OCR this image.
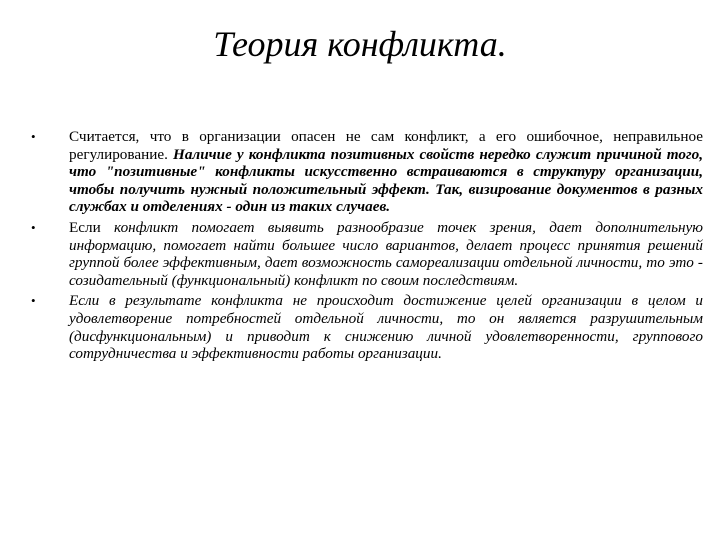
Теория конфликта.
•	Считается, что в организации опасен не сам конфликт, а его ошибочное, неправильное регулирование. Наличие у конфликта позитивных свойств нередко служит причиной того, что "позитивные" конфликты искусственно встраиваются в структуру организации, чтобы получить нужный положительный эффект. Так, визирование документов в разных службах и отделениях - один из таких случаев.
•	Если конфликт помогает выявить разнообразие точек зрения, дает дополнительную информацию, помогает найти большее число вариантов, делает процесс принятия решений группой более эффективным, дает возможность самореализации отдельной личности, то это - созидательный (функциональный) конфликт по своим последствиям.
•	Если в результате конфликта не происходит достижение целей организации в целом и удовлетворение потребностей отдельной личности, то он является разрушительным (дисфункциональным) и приводит к снижению личной удовлетворенности, группового сотрудничества и эффективности работы организации.
